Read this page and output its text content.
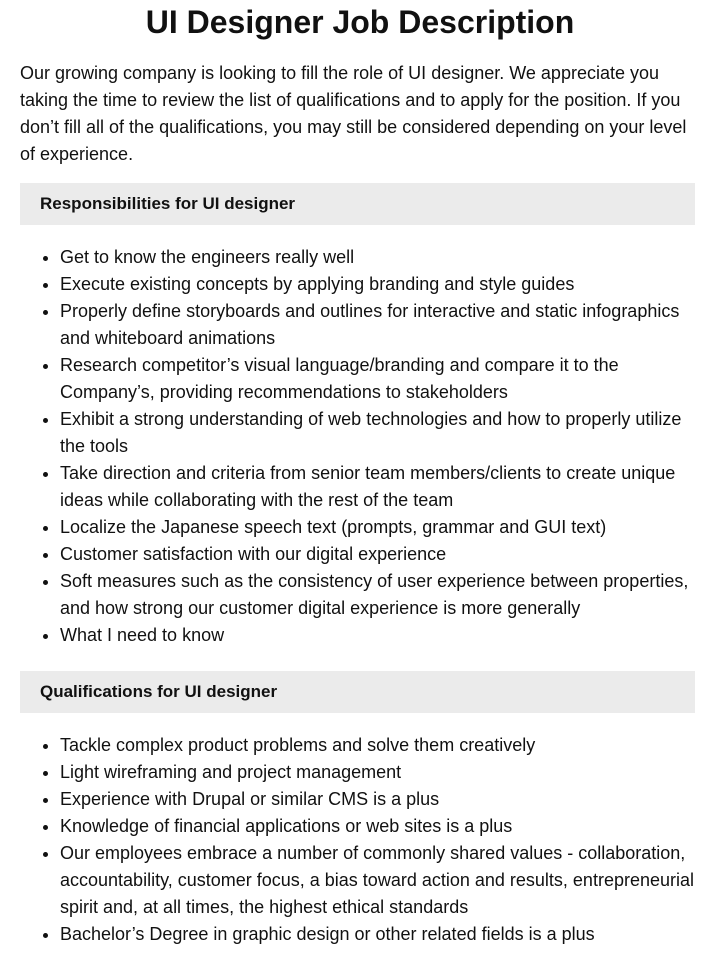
UI Designer Job Description

Our growing company is looking to fill the role of UI designer. We appreciate you taking the time to review the list of qualifications and to apply for the position. If you don’t fill all of the qualifications, you may still be considered depending on your level of experience.

Responsibilities for UI designer
• Get to know the engineers really well
• Execute existing concepts by applying branding and style guides
• Properly define storyboards and outlines for interactive and static infographics and whiteboard animations
• Research competitor’s visual language/branding and compare it to the Company’s, providing recommendations to stakeholders
• Exhibit a strong understanding of web technologies and how to properly utilize the tools
• Take direction and criteria from senior team members/clients to create unique ideas while collaborating with the rest of the team
• Localize the Japanese speech text (prompts, grammar and GUI text)
• Customer satisfaction with our digital experience
• Soft measures such as the consistency of user experience between properties, and how strong our customer digital experience is more generally
• What I need to know
Qualifications for UI designer
• Tackle complex product problems and solve them creatively
• Light wireframing and project management
• Experience with Drupal or similar CMS is a plus
• Knowledge of financial applications or web sites is a plus
• Our employees embrace a number of commonly shared values - collaboration, accountability, customer focus, a bias toward action and results, entrepreneurial spirit and, at all times, the highest ethical standards
• Bachelor’s Degree in graphic design or other related fields is a plus
